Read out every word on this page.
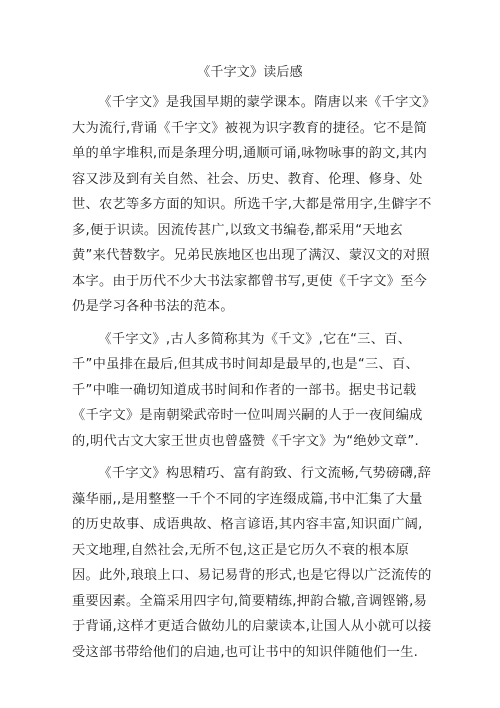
《千字文》读后感

《千字文》是我国早期的蒙学课本。隋唐以来《千字文》大为流行,背诵《千字文》被视为识字教育的捷径。它不是简单的单字堆积,而是条理分明,通顺可诵,咏物咏事的韵文,其内容又涉及到有关自然、社会、历史、教育、伦理、修身、处世、农艺等多方面的知识。所选千字,大都是常用字,生僻字不多,便于识读。因流传甚广,以致文书编卷,都采用“天地玄黄”来代替数字。兄弟民族地区也出现了满汉、蒙汉文的对照本字。由于历代不少大书法家都曾书写,更使《千字文》至今仍是学习各种书法的范本。

《千字文》,古人多简称其为《千文》,它在“三、百、千”中虽排在最后,但其成书时间却是最早的,也是“三、百、千”中唯一确切知道成书时间和作者的一部书。据史书记载《千字文》是南朝梁武帝时一位叫周兴嗣的人于一夜间编成的,明代古文大家王世贞也曾盛赞《千字文》为“绝妙文章”.

《千字文》构思精巧、富有韵致、行文流畅,气势磅礴,辞藻华丽,,是用整整一千个不同的字连缀成篇,书中汇集了大量的历史故事、成语典故、格言谚语,其内容丰富,知识面广阔,天文地理,自然社会,无所不包,这正是它历久不衰的根本原因。此外,琅琅上口、易记易背的形式,也是它得以广泛流传的重要因素。全篇采用四字句,简要精练,押韵合辙,音调铿锵,易于背诵,这样才更适合做幼儿的启蒙读本,让国人从小就可以接受这部书带给他们的启迪,也可让书中的知识伴随他们一生.
